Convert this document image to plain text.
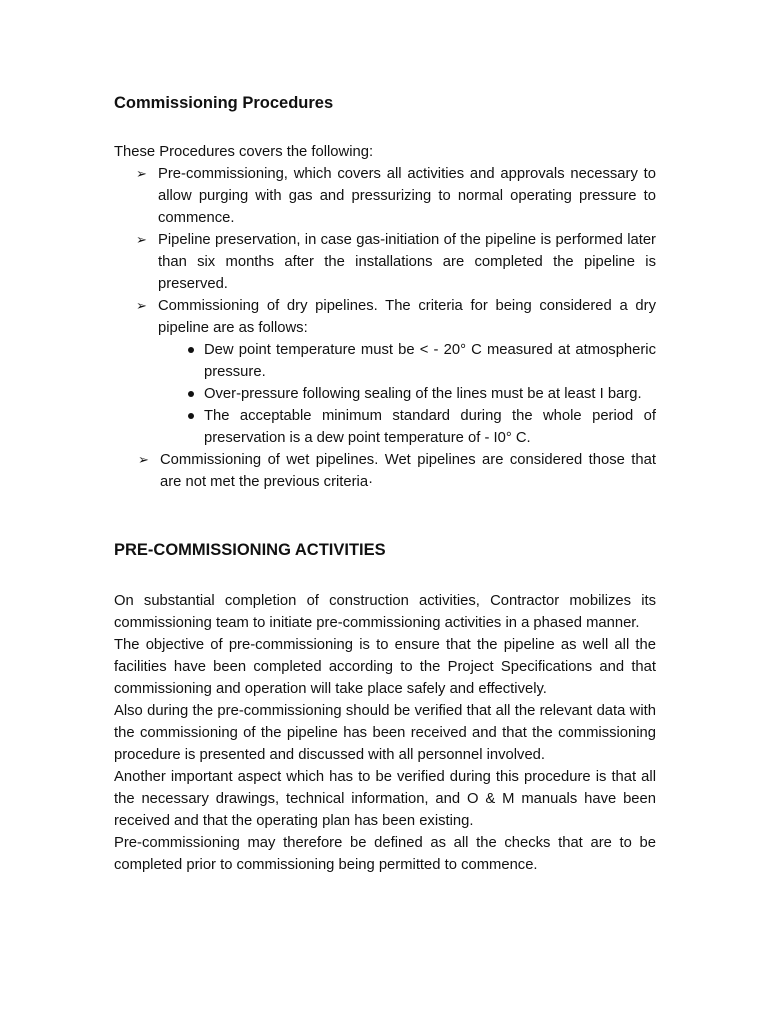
Commissioning Procedures
These Procedures covers the following:
➢ Pre-commissioning, which covers all activities and approvals necessary to allow purging with gas and pressurizing to normal operating pressure to commence.
➢ Pipeline preservation, in case gas-initiation of the pipeline is performed later than six months after the installations are completed the pipeline is preserved.
➢ Commissioning of dry pipelines. The criteria for being considered a dry pipeline are as follows:
Dew point temperature must be < - 20° C measured at atmospheric pressure.
Over-pressure following sealing of the lines must be at least I barg.
The acceptable minimum standard during the whole period of preservation is a dew point temperature of - I0° C.
➢ Commissioning of wet pipelines. Wet pipelines are considered those that are not met the previous criteria·
PRE-COMMISSIONING ACTIVITIES
On substantial completion of construction activities, Contractor mobilizes its commissioning team to initiate pre-commissioning activities in a phased manner.
The objective of pre-commissioning is to ensure that the pipeline as well all the facilities have been completed according to the Project Specifications and that commissioning and operation will take place safely and effectively.
Also during the pre-commissioning should be verified that all the relevant data with the commissioning of the pipeline has been received and that the commissioning procedure is presented and discussed with all personnel involved.
Another important aspect which has to be verified during this procedure is that all the necessary drawings, technical information, and O & M manuals have been received and that the operating plan has been existing.
Pre-commissioning may therefore be defined as all the checks that are to be completed prior to commissioning being permitted to commence.
